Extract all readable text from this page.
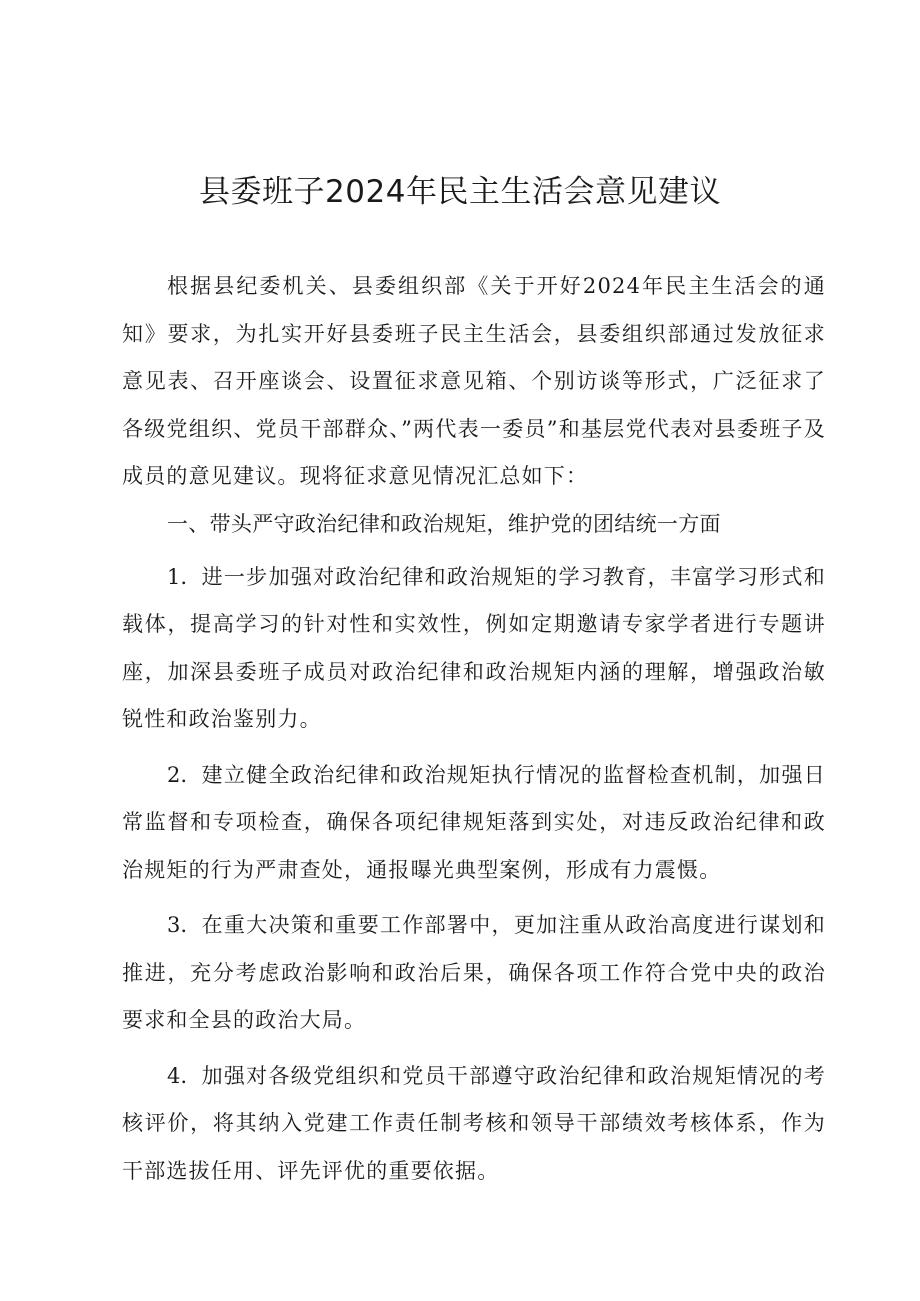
县委班子2024年民主生活会意见建议

根据县纪委机关、县委组织部《关于开好2024年民主生活会的通知》要求，为扎实开好县委班子民主生活会，县委组织部通过发放征求意见表、召开座谈会、设置征求意见箱、个别访谈等形式，广泛征求了各级党组织、党员干部群众、”两代表一委员”和基层党代表对县委班子及成员的意见建议。现将征求意见情况汇总如下：

一、带头严守政治纪律和政治规矩，维护党的团结统一方面

1．进一步加强对政治纪律和政治规矩的学习教育，丰富学习形式和载体，提高学习的针对性和实效性，例如定期邀请专家学者进行专题讲座，加深县委班子成员对政治纪律和政治规矩内涵的理解，增强政治敏锐性和政治鉴别力。

2．建立健全政治纪律和政治规矩执行情况的监督检查机制，加强日常监督和专项检查，确保各项纪律规矩落到实处，对违反政治纪律和政治规矩的行为严肃查处，通报曝光典型案例，形成有力震慑。

3．在重大决策和重要工作部署中，更加注重从政治高度进行谋划和推进，充分考虑政治影响和政治后果，确保各项工作符合党中央的政治要求和全县的政治大局。

4．加强对各级党组织和党员干部遵守政治纪律和政治规矩情况的考核评价，将其纳入党建工作责任制考核和领导干部绩效考核体系，作为干部选拔任用、评先评优的重要依据。
